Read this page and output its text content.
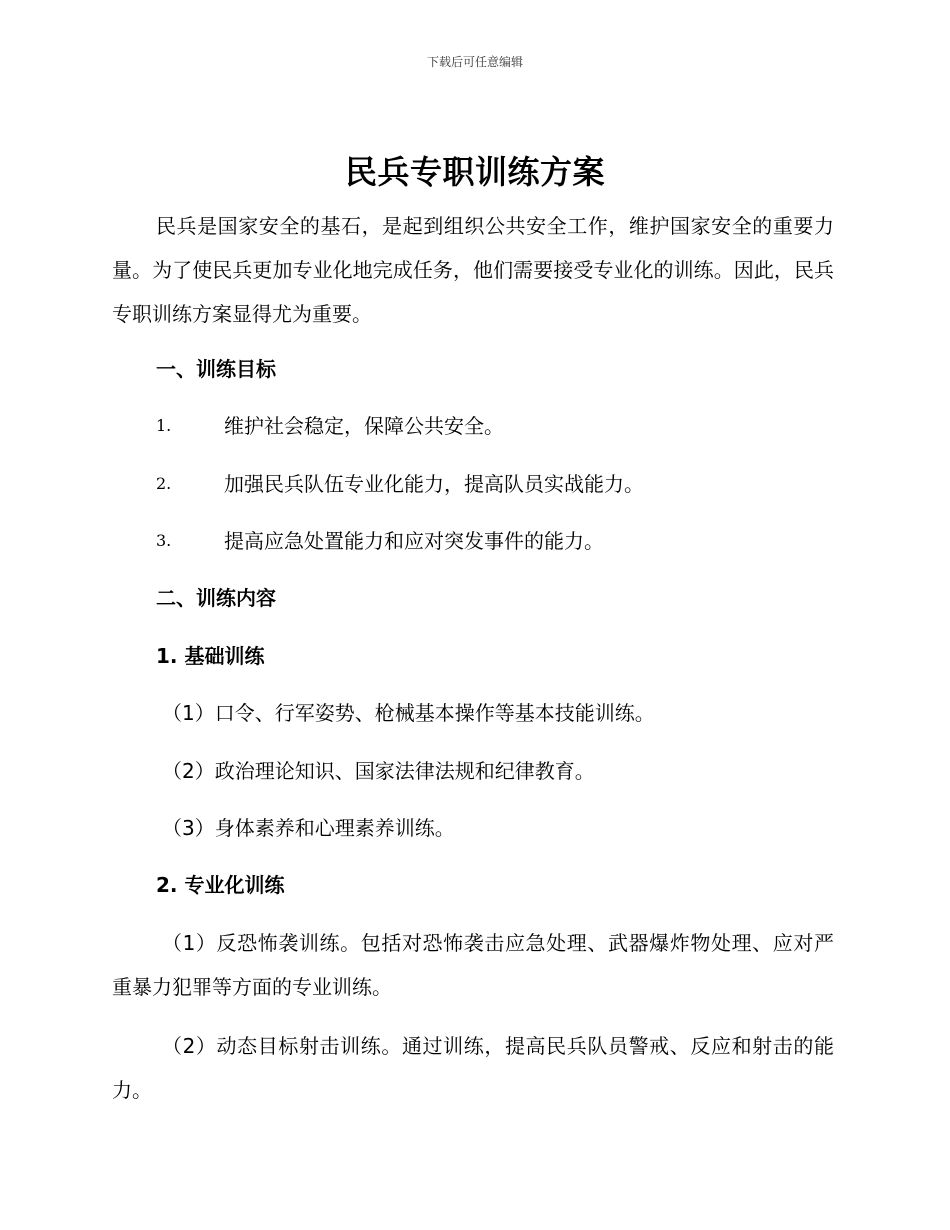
下载后可任意编辑
民兵专职训练方案

民兵是国家安全的基石，是起到组织公共安全工作，维护国家安全的重要力量。为了使民兵更加专业化地完成任务，他们需要接受专业化的训练。因此，民兵专职训练方案显得尤为重要。

一、训练目标
1.	维护社会稳定，保障公共安全。
2.	加强民兵队伍专业化能力，提高队员实战能力。
3.	提高应急处置能力和应对突发事件的能力。
二、训练内容
1. 基础训练
（1）口令、行军姿势、枪械基本操作等基本技能训练。
（2）政治理论知识、国家法律法规和纪律教育。
（3）身体素养和心理素养训练。
2. 专业化训练

（1）反恐怖袭训练。包括对恐怖袭击应急处理、武器爆炸物处理、应对严重暴力犯罪等方面的专业训练。

（2）动态目标射击训练。通过训练，提高民兵队员警戒、反应和射击的能力。
